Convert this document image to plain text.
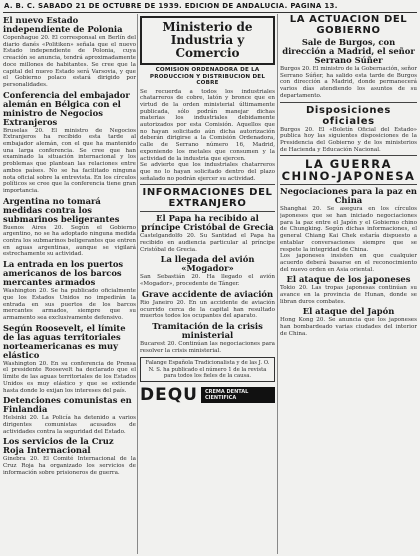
A. B. C. SABADO 21 DE OCTUBRE DE 1939. EDICION DE ANDALUCIA. PAGINA 13.
El nuevo Estado independiente de Polonia
Copenhague 20. El corresponsal en Berlín del diario danés «Politiken» señala que el nuevo Estado independiente de Polonia, cuya creación se anuncia, tendrá aproximadamente doce millones de habitantes. Se cree que la capital del nuevo Estado será Varsovia, y que el Gobierno polaco estará dirigido por personalidades.
Conferencia del embajador alemán en Bélgica con el ministro de Negocios Extranjeros
Bruselas 20. El ministro de Negocios Extranjeros ha recibido esta tarde al embajador alemán, con el que ha mantenido una larga conferencia. Se cree que han examinado la situación internacional y los problemas que plantean las relaciones entre ambos países. No se ha facilitado ninguna nota oficial sobre la entrevista. En los círculos políticos se cree que la conferencia tiene gran importancia.
Argentina no tomará medidas contra los submarinos beligerantes
Buenos Aires 20. Según el Gobierno argentino, no se ha adoptado ninguna medida contra los submarinos beligerantes que entren en aguas argentinas, aunque se vigilará estrechamente su actividad.
La entrada en los puertos americanos de los barcos mercantes armados
Washington 20. Se ha publicado oficialmente que los Estados Unidos no impedirán la entrada en sus puertos de los barcos mercantes armados, siempre que su armamento sea exclusivamente defensivo.
Según Roosevelt, el límite de las aguas territoriales norteamericanas es muy elástico
Washington 20. En su conferencia de Prensa el presidente Roosevelt ha declarado que el límite de las aguas territoriales de los Estados Unidos es muy elástico y que se extiende hasta donde lo exijan los intereses del país.
Detenciones comunistas en Finlandia
Helsinki 20. La Policía ha detenido a varios dirigentes comunistas acusados de actividades contra la seguridad del Estado.
Los servicios de la Cruz Roja Internacional
Ginebra 20. El Comité Internacional de la Cruz Roja ha organizado los servicios de información sobre prisioneros de guerra.
Ministerio de Industria y Comercio
COMISION ORDENADORA DE LA PRODUCCION Y DISTRIBUCION DEL COBRE
Se recuerda a todos los industriales chatarreros de cobre, latón y bronce que en virtud de la orden ministerial últimamente publicada, sólo podrán manejar dichas materias los industriales debidamente autorizados por esta Comisión. Aquellos que no hayan solicitado aún dicha autorización deberán dirigirse a la Comisión Ordenadora, calle de Serrano número 16, Madrid, exponiendo los metales que consumen y la actividad de la industria que ejercen.
Se advierte que los industriales chatarreros que no lo hayan solicitado dentro del plazo señalado no podrán ejercer su actividad.
INFORMACIONES DEL EXTRANJERO
El Papa ha recibido al príncipe Cristóbal de Grecia
Castelgandolfo 20. Su Santidad el Papa ha recibido en audiencia particular al príncipe Cristóbal de Grecia.
La llegada del avión «Mogador»
San Sebastián 20. Ha llegado el avión «Mogador», procedente de Tánger.
Grave accidente de aviación
Rio Janeiro 20. En un accidente de aviación ocurrido cerca de la capital han resultado muertos todos los ocupantes del aparato.
Tramitación de la crisis ministerial
Bucarest 20. Continúan las negociaciones para resolver la crisis ministerial.
Falange Española Tradicionalista y de las J. O. N. S. ha publicado el número 1 de la revista para todos los fieles de la causa.
DEQU	CREMA DENTAL CIENTIFICA
LA ACTUACION DEL GOBIERNO
Sale de Burgos, con dirección a Madrid, el señor Serrano Súñer
Burgos 20. El ministro de la Gobernación, señor Serrano Súñer, ha salido esta tarde de Burgos con dirección a Madrid, donde permanecerá varios días atendiendo los asuntos de su departamento.
Disposiciones oficiales
Burgos 20. El «Boletín Oficial del Estado» publica hoy las siguientes disposiciones de la Presidencia del Gobierno y de los ministerios de Hacienda y Educación Nacional.
LA GUERRA CHINO-JAPONESA
Negociaciones para la paz en China
Shanghai 20. Se asegura en los círculos japoneses que se han iniciado negociaciones para la paz entre el Japón y el Gobierno chino de Chungking. Según dichas informaciones, el general Chiang Kai Chek estaría dispuesto a entablar conversaciones siempre que se respete la integridad de China.
Los japoneses insisten en que cualquier acuerdo deberá basarse en el reconocimiento del nuevo orden en Asia oriental.
El ataque de los japoneses
Tokio 20. Las tropas japonesas continúan su avance en la provincia de Hunan, donde se libran duros combates.
El ataque del Japón
Hong Kong 20. Se anuncia que los japoneses han bombardeado varias ciudades del interior de China.
